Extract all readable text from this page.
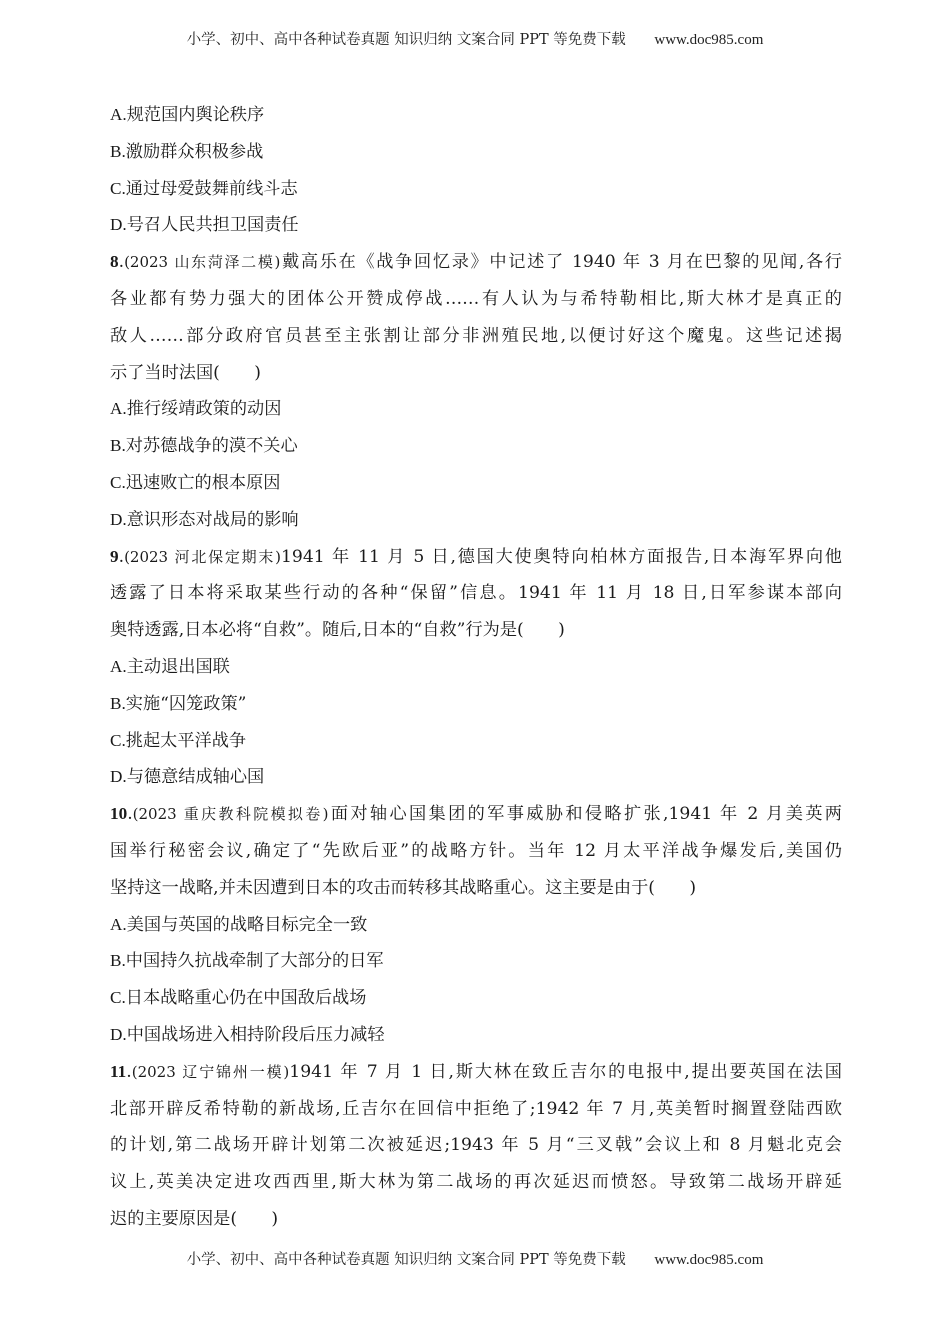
小学、初中、高中各种试卷真题 知识归纳 文案合同 PPT 等免费下载 www.doc985.com
A.规范国内舆论秩序
B.激励群众积极参战
C.通过母爱鼓舞前线斗志
D.号召人民共担卫国责任
8.(2023 山东菏泽二模)戴高乐在《战争回忆录》中记述了 1940 年 3 月在巴黎的见闻,各行
各业都有势力强大的团体公开赞成停战……有人认为与希特勒相比,斯大林才是真正的
敌人……部分政府官员甚至主张割让部分非洲殖民地,以便讨好这个魔鬼。这些记述揭
示了当时法国(　　)
A.推行绥靖政策的动因
B.对苏德战争的漠不关心
C.迅速败亡的根本原因
D.意识形态对战局的影响
9.(2023 河北保定期末)1941 年 11 月 5 日,德国大使奥特向柏林方面报告,日本海军界向他
透露了日本将采取某些行动的各种“保留”信息。1941 年 11 月 18 日,日军参谋本部向
奥特透露,日本必将“自救”。随后,日本的“自救”行为是(　　)
A.主动退出国联
B.实施“囚笼政策”
C.挑起太平洋战争
D.与德意结成轴心国
10.(2023 重庆教科院模拟卷)面对轴心国集团的军事威胁和侵略扩张,1941 年 2 月美英两
国举行秘密会议,确定了“先欧后亚”的战略方针。当年 12 月太平洋战争爆发后,美国仍
坚持这一战略,并未因遭到日本的攻击而转移其战略重心。这主要是由于(　　)
A.美国与英国的战略目标完全一致
B.中国持久抗战牵制了大部分的日军
C.日本战略重心仍在中国敌后战场
D.中国战场进入相持阶段后压力减轻
11.(2023 辽宁锦州一模)1941 年 7 月 1 日,斯大林在致丘吉尔的电报中,提出要英国在法国
北部开辟反希特勒的新战场,丘吉尔在回信中拒绝了;1942 年 7 月,英美暂时搁置登陆西欧
的计划,第二战场开辟计划第二次被延迟;1943 年 5 月“三叉戟”会议上和 8 月魁北克会
议上,英美决定进攻西西里,斯大林为第二战场的再次延迟而愤怒。导致第二战场开辟延
迟的主要原因是(　　)
小学、初中、高中各种试卷真题 知识归纳 文案合同 PPT 等免费下载 www.doc985.com
